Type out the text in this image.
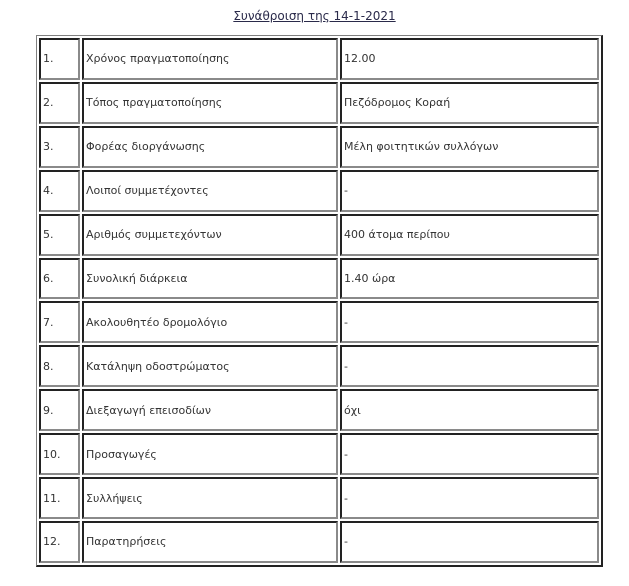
Συνάθροιση της 14-1-2021
1.	Χρόνος πραγματοποίησης	12.00
2.	Τόπος πραγματοποίησης	Πεζόδρομος Κοραή
3.	Φορέας διοργάνωσης	Μέλη φοιτητικών συλλόγων
4.	Λοιποί συμμετέχοντες	-
5.	Αριθμός συμμετεχόντων	400 άτομα περίπου
6.	Συνολική διάρκεια	1.40 ώρα
7.	Ακολουθητέο δρομολόγιο	-
8.	Κατάληψη οδοστρώματος	-
9.	Διεξαγωγή επεισοδίων	όχι
10.	Προσαγωγές	-
11.	Συλλήψεις	-
12.	Παρατηρήσεις	-
